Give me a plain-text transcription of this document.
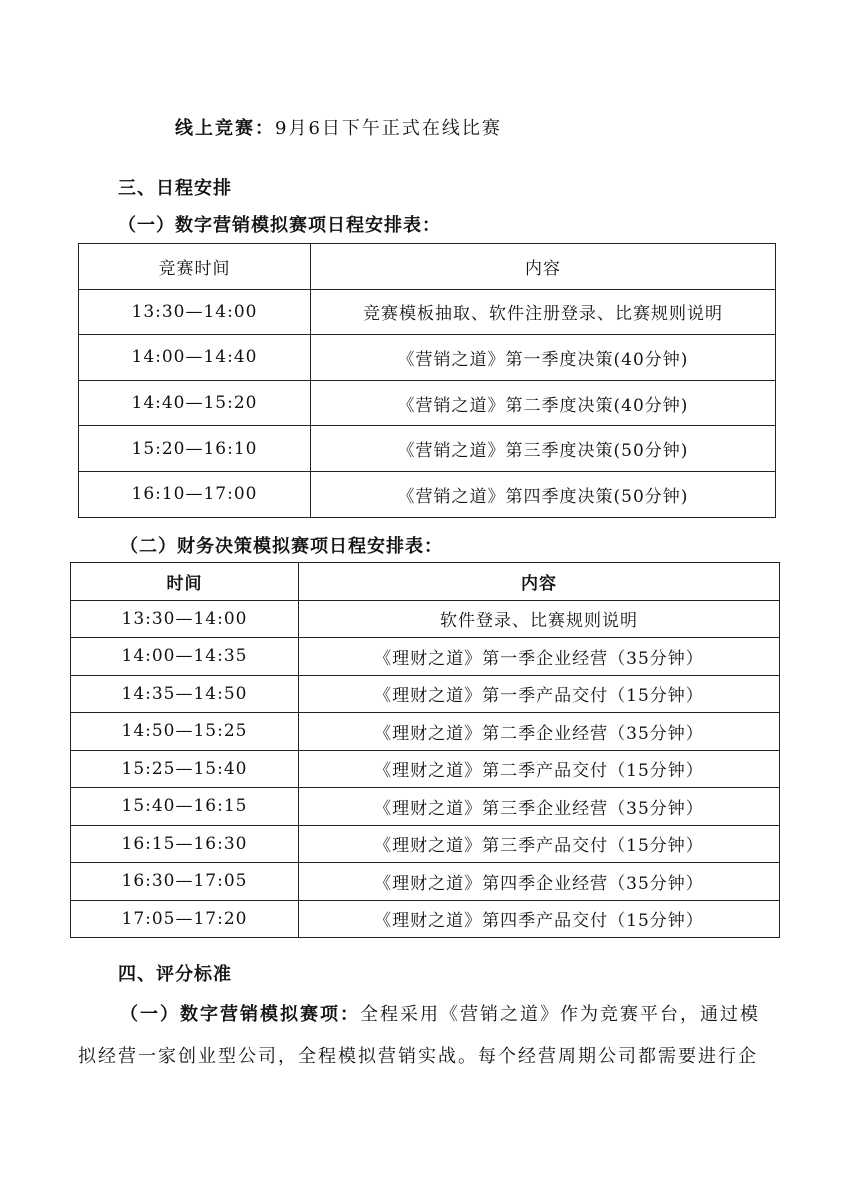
线上竞赛：9月6日下午正式在线比赛
三、日程安排
（一）数字营销模拟赛项日程安排表：
竞赛时间	内容
13:30—14:00	竞赛模板抽取、软件注册登录、比赛规则说明
14:00—14:40	《营销之道》第一季度决策(40分钟)
14:40—15:20	《营销之道》第二季度决策(40分钟)
15:20—16:10	《营销之道》第三季度决策(50分钟)
16:10—17:00	《营销之道》第四季度决策(50分钟)
（二）财务决策模拟赛项日程安排表：
时间	内容
13:30—14:00	软件登录、比赛规则说明
14:00—14:35	《理财之道》第一季企业经营（35分钟）
14:35—14:50	《理财之道》第一季产品交付（15分钟）
14:50—15:25	《理财之道》第二季企业经营（35分钟）
15:25—15:40	《理财之道》第二季产品交付（15分钟）
15:40—16:15	《理财之道》第三季企业经营（35分钟）
16:15—16:30	《理财之道》第三季产品交付（15分钟）
16:30—17:05	《理财之道》第四季企业经营（35分钟）
17:05—17:20	《理财之道》第四季产品交付（15分钟）
四、评分标准
（一）数字营销模拟赛项：全程采用《营销之道》作为竞赛平台，通过模
拟经营一家创业型公司，全程模拟营销实战。每个经营周期公司都需要进行企
